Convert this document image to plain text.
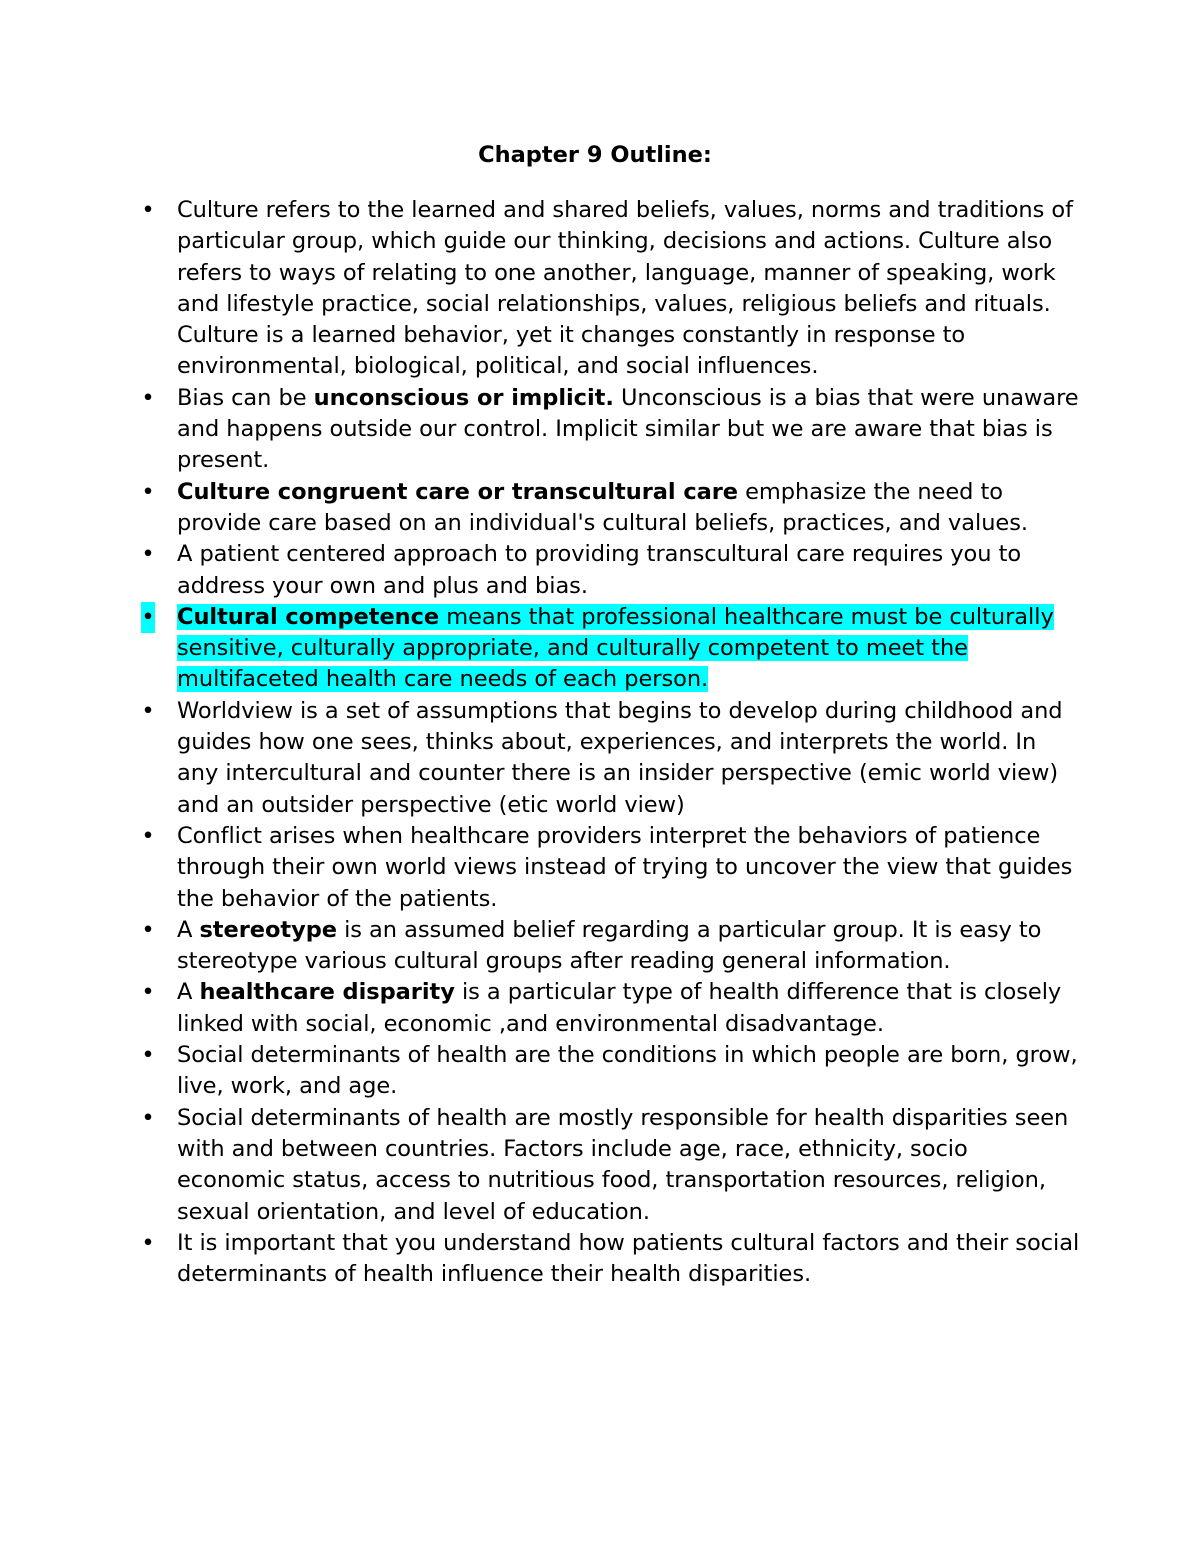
Chapter 9 Outline:
• Culture refers to the learned and shared beliefs, values, norms and traditions of particular group, which guide our thinking, decisions and actions. Culture also refers to ways of relating to one another, language, manner of speaking, work and lifestyle practice, social relationships, values, religious beliefs and rituals. Culture is a learned behavior, yet it changes constantly in response to environmental, biological, political, and social influences.
• Bias can be unconscious or implicit. Unconscious is a bias that were unaware and happens outside our control. Implicit similar but we are aware that bias is present.
• Culture congruent care or transcultural care emphasize the need to provide care based on an individual's cultural beliefs, practices, and values.
• A patient centered approach to providing transcultural care requires you to address your own and plus and bias.
• Cultural competence means that professional healthcare must be culturally sensitive, culturally appropriate, and culturally competent to meet the multifaceted health care needs of each person.
• Worldview is a set of assumptions that begins to develop during childhood and guides how one sees, thinks about, experiences, and interprets the world. In any intercultural and counter there is an insider perspective (emic world view) and an outsider perspective (etic world view)
• Conflict arises when healthcare providers interpret the behaviors of patience through their own world views instead of trying to uncover the view that guides the behavior of the patients.
• A stereotype is an assumed belief regarding a particular group. It is easy to stereotype various cultural groups after reading general information.
• A healthcare disparity is a particular type of health difference that is closely linked with social, economic ,and environmental disadvantage.
• Social determinants of health are the conditions in which people are born, grow, live, work, and age.
• Social determinants of health are mostly responsible for health disparities seen with and between countries. Factors include age, race, ethnicity, socio economic status, access to nutritious food, transportation resources, religion, sexual orientation, and level of education.
• It is important that you understand how patients cultural factors and their social determinants of health influence their health disparities.
